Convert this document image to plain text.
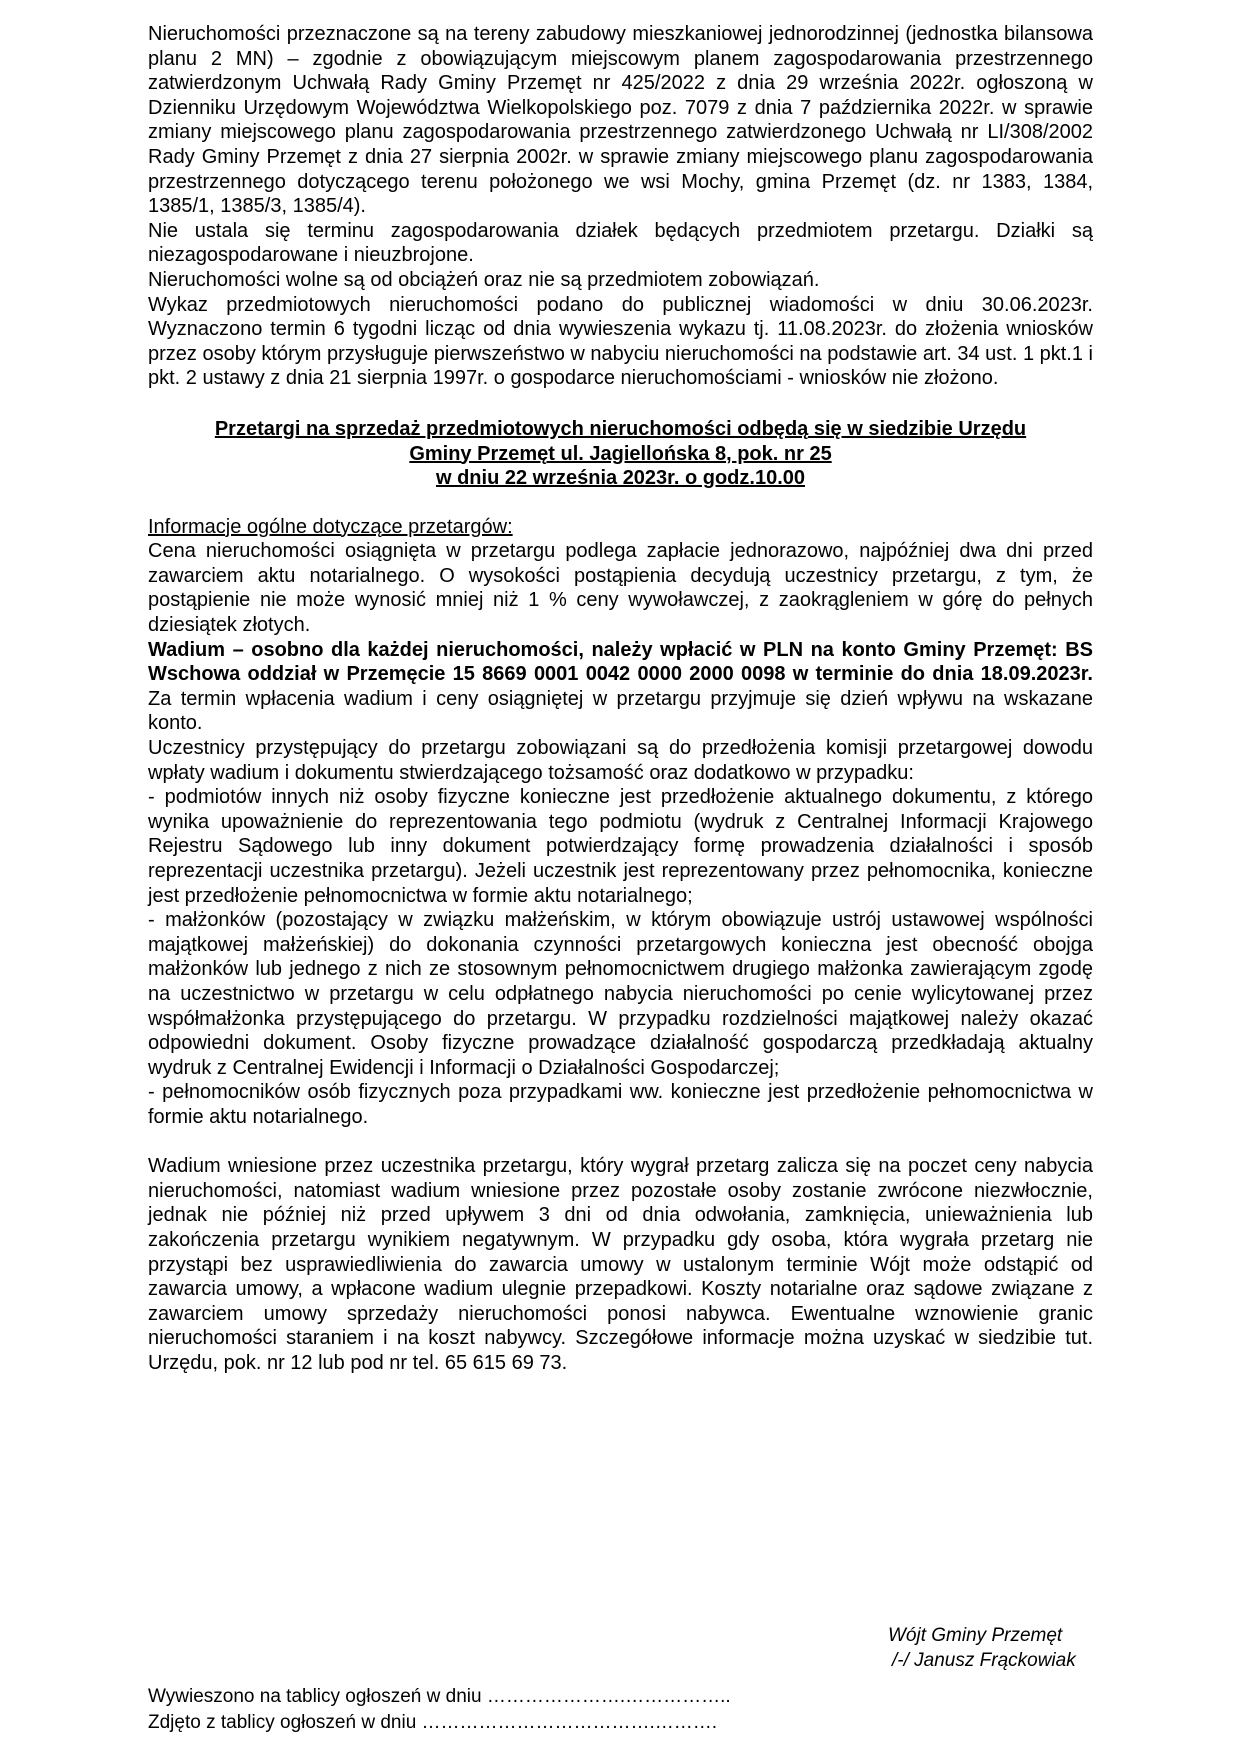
Nieruchomości przeznaczone są na tereny zabudowy mieszkaniowej jednorodzinnej (jednostka bilansowa planu 2 MN) – zgodnie z obowiązującym miejscowym planem zagospodarowania przestrzennego zatwierdzonym Uchwałą Rady Gminy Przemęt nr 425/2022 z dnia 29 września 2022r. ogłoszoną w Dzienniku Urzędowym Województwa Wielkopolskiego poz. 7079 z dnia 7 października 2022r. w sprawie zmiany miejscowego planu zagospodarowania przestrzennego zatwierdzonego Uchwałą nr LI/308/2002 Rady Gminy Przemęt z dnia 27 sierpnia 2002r. w sprawie zmiany miejscowego planu zagospodarowania przestrzennego dotyczącego terenu położonego we wsi Mochy, gmina Przemęt (dz. nr 1383, 1384, 1385/1, 1385/3, 1385/4).

Nie ustala się terminu zagospodarowania działek będących przedmiotem przetargu. Działki są niezagospodarowane i nieuzbrojone.

Nieruchomości wolne są od obciążeń oraz nie są przedmiotem zobowiązań.

Wykaz przedmiotowych nieruchomości podano do publicznej wiadomości w dniu 30.06.2023r. Wyznaczono termin 6 tygodni licząc od dnia wywieszenia wykazu tj. 11.08.2023r. do złożenia wniosków przez osoby którym przysługuje pierwszeństwo w nabyciu nieruchomości na podstawie art. 34 ust. 1 pkt.1 i pkt. 2 ustawy z dnia 21 sierpnia 1997r. o gospodarce nieruchomościami - wniosków nie złożono.

Przetargi na sprzedaż przedmiotowych nieruchomości odbędą się w siedzibie Urzędu
Gminy Przemęt ul. Jagiellońska 8, pok. nr 25
w dniu 22 września 2023r. o godz.10.00

Informacje ogólne dotyczące przetargów:

Cena nieruchomości osiągnięta w przetargu podlega zapłacie jednorazowo, najpóźniej dwa dni przed zawarciem aktu notarialnego. O wysokości postąpienia decydują uczestnicy przetargu, z tym, że postąpienie nie może wynosić mniej niż 1 % ceny wywoławczej, z zaokrągleniem w górę do pełnych dziesiątek złotych.

Wadium – osobno dla każdej nieruchomości, należy wpłacić w PLN na konto Gminy Przemęt: BS Wschowa oddział w Przemęcie 15 8669 0001 0042 0000 2000 0098 w terminie do dnia 18.09.2023r. Za termin wpłacenia wadium i ceny osiągniętej w przetargu przyjmuje się dzień wpływu na wskazane konto.

Uczestnicy przystępujący do przetargu zobowiązani są do przedłożenia komisji przetargowej dowodu wpłaty wadium i dokumentu stwierdzającego tożsamość oraz dodatkowo w przypadku:

- podmiotów innych niż osoby fizyczne konieczne jest przedłożenie aktualnego dokumentu, z którego wynika upoważnienie do reprezentowania tego podmiotu (wydruk z Centralnej Informacji Krajowego Rejestru Sądowego lub inny dokument potwierdzający formę prowadzenia działalności i sposób reprezentacji uczestnika przetargu). Jeżeli uczestnik jest reprezentowany przez pełnomocnika, konieczne jest przedłożenie pełnomocnictwa w formie aktu notarialnego;

- małżonków (pozostający w związku małżeńskim, w którym obowiązuje ustrój ustawowej wspólności majątkowej małżeńskiej) do dokonania czynności przetargowych konieczna jest obecność obojga małżonków lub jednego z nich ze stosownym pełnomocnictwem drugiego małżonka zawierającym zgodę na uczestnictwo w przetargu w celu odpłatnego nabycia nieruchomości po cenie wylicytowanej przez współmałżonka przystępującego do przetargu. W przypadku rozdzielności majątkowej należy okazać odpowiedni dokument. Osoby fizyczne prowadzące działalność gospodarczą przedkładają aktualny wydruk z Centralnej Ewidencji i Informacji o Działalności Gospodarczej;

- pełnomocników osób fizycznych poza przypadkami ww. konieczne jest przedłożenie pełnomocnictwa w formie aktu notarialnego.

Wadium wniesione przez uczestnika przetargu, który wygrał przetarg zalicza się na poczet ceny nabycia nieruchomości, natomiast wadium wniesione przez pozostałe osoby zostanie zwrócone niezwłocznie, jednak nie później niż przed upływem 3 dni od dnia odwołania, zamknięcia, unieważnienia lub zakończenia przetargu wynikiem negatywnym. W przypadku gdy osoba, która wygrała przetarg nie przystąpi bez usprawiedliwienia do zawarcia umowy w ustalonym terminie Wójt może odstąpić od zawarcia umowy, a wpłacone wadium ulegnie przepadkowi. Koszty notarialne oraz sądowe związane z zawarciem umowy sprzedaży nieruchomości ponosi nabywca. Ewentualne wznowienie granic nieruchomości staraniem i na koszt nabywcy. Szczegółowe informacje można uzyskać w siedzibie tut. Urzędu, pok. nr 12 lub pod nr tel. 65 615 69 73.

Wójt Gminy Przemęt
/-/ Janusz Frąckowiak
Wywieszono na tablicy ogłoszeń w dniu ………………….……………..
Zdjęto z tablicy ogłoszeń w dniu ……………………………….……….
